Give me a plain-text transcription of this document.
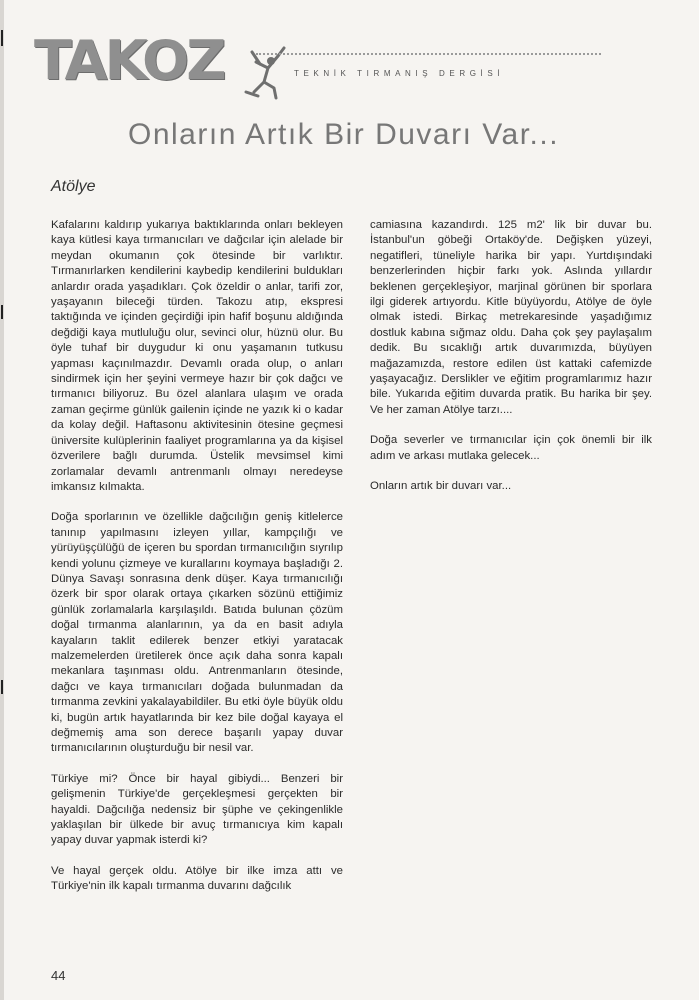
TAKOZ	TEKNİK TIRMANIŞ DERGİSİ
Onların Artık Bir Duvarı Var...
Atölye

Kafalarını kaldırıp yukarıya baktıklarında onları bekleyen kaya kütlesi kaya tırmanıcıları ve dağcılar için alelade bir meydan okumanın çok ötesinde bir varlıktır. Tırmanırlarken kendilerini kaybedip kendilerini buldukları anlardır orada yaşadıkları. Çok özeldir o anlar, tarifi zor, yaşayanın bileceği türden. Takozu atıp, ekspresi taktığında ve içinden geçirdiği ipin hafif boşunu aldığında değdiği kaya mutluluğu olur, sevinci olur, hüznü olur. Bu öyle tuhaf bir duygudur ki onu yaşamanın tutkusu yapması kaçınılmazdır. Devamlı orada olup, o anları sindirmek için her şeyini vermeye hazır bir çok dağcı ve tırmanıcı biliyoruz. Bu özel alanlara ulaşım ve orada zaman geçirme günlük gailenin içinde ne yazık ki o kadar da kolay değil. Haftasonu aktivitesinin ötesine geçmesi üniversite kulüplerinin faaliyet programlarına ya da kişisel özverilere bağlı durumda. Üstelik mevsimsel kimi zorlamalar devamlı antrenmanlı olmayı neredeyse imkansız kılmakta.

Doğa sporlarının ve özellikle dağcılığın geniş kitlelerce tanınıp yapılmasını izleyen yıllar, kampçılığı ve yürüyüşçülüğü de içeren bu spordan tırmanıcılığın sıyrılıp kendi yolunu çizmeye ve kurallarını koymaya başladığı 2. Dünya Savaşı sonrasına denk düşer. Kaya tırmanıcılığı özerk bir spor olarak ortaya çıkarken sözünü ettiğimiz günlük zorlamalarla karşılaşıldı. Batıda bulunan çözüm doğal tırmanma alanlarının, ya da en basit adıyla kayaların taklit edilerek benzer etkiyi yaratacak malzemelerden üretilerek önce açık daha sonra kapalı mekanlara taşınması oldu. Antrenmanların ötesinde, dağcı ve kaya tırmanıcıları doğada bulunmadan da tırmanma zevkini yakalayabildiler. Bu etki öyle büyük oldu ki, bugün artık hayatlarında bir kez bile doğal kayaya el değmemiş ama son derece başarılı yapay duvar tırmanıcılarının oluşturduğu bir nesil var.

Türkiye mi? Önce bir hayal gibiydi... Benzeri bir gelişmenin Türkiye'de gerçekleşmesi gerçekten bir hayaldi. Dağcılığa nedensiz bir şüphe ve çekingenlikle yaklaşılan bir ülkede bir avuç tırmanıcıya kim kapalı yapay duvar yapmak isterdi ki?

Ve hayal gerçek oldu. Atölye bir ilke imza attı ve Türkiye'nin ilk kapalı tırmanma duvarını dağcılık

camiasına kazandırdı. 125 m2' lik bir duvar bu. İstanbul'un göbeği Ortaköy'de. Değişken yüzeyi, negatifleri, tüneliyle harika bir yapı. Yurtdışındaki benzerlerinden hiçbir farkı yok. Aslında yıllardır beklenen gerçekleşiyor, marjinal görünen bir sporlara ilgi giderek artıyordu. Kitle büyüyordu, Atölye de öyle olmak istedi. Birkaç metrekaresinde yaşadığımız dostluk kabına sığmaz oldu. Daha çok şey paylaşalım dedik. Bu sıcaklığı artık duvarımızda, büyüyen mağazamızda, restore edilen üst kattaki cafemizde yaşayacağız. Derslikler ve eğitim programlarımız hazır bile. Yukarıda eğitim duvarda pratik. Bu harika bir şey. Ve her zaman Atölye tarzı....

Doğa severler ve tırmanıcılar için çok önemli bir ilk adım ve arkası mutlaka gelecek...

Onların artık bir duvarı var...

44
